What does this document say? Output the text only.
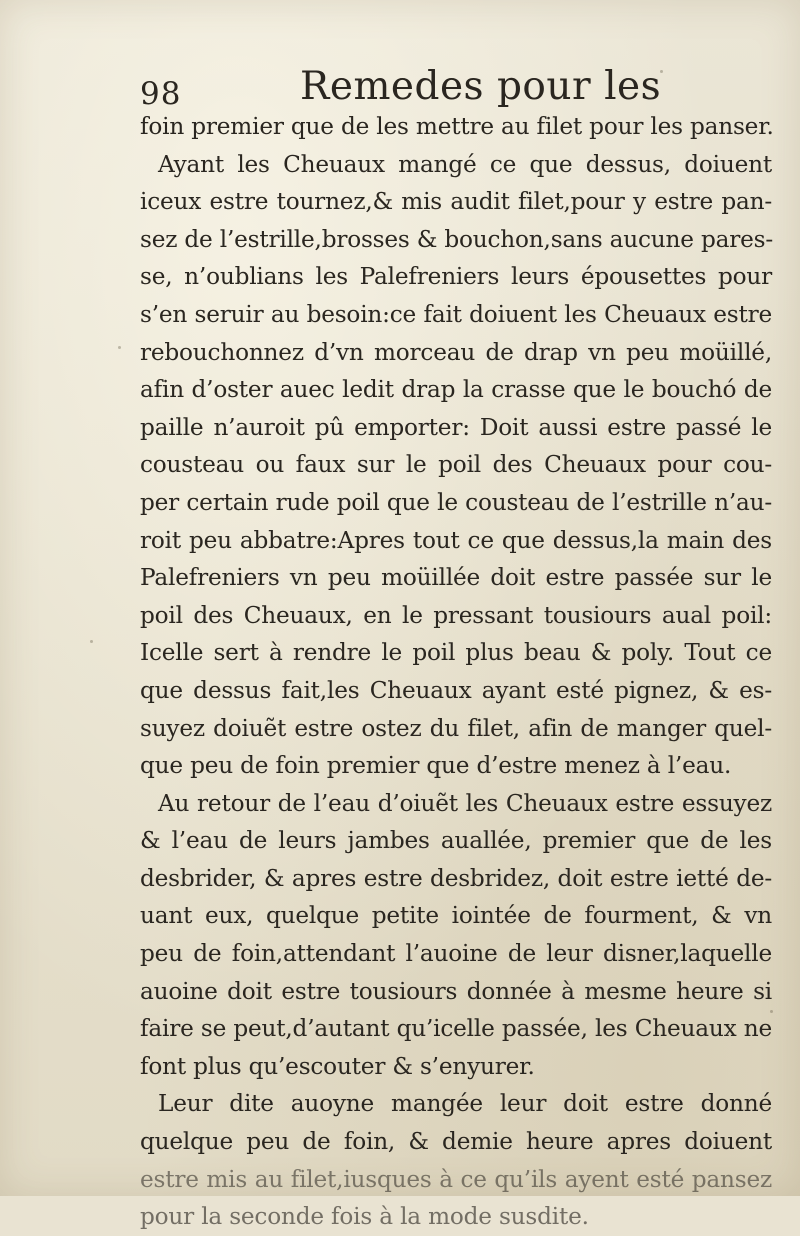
98	Remedes pour les
foin premier que de les mettre au filet pour les panser.
Ayant les Cheuaux mangé ce que dessus, doiuent
iceux estre tournez,& mis audit filet,pour y estre pan-
sez de l’estrille,brosses & bouchon,sans aucune pares-
se, n’oublians les Palefreniers leurs épousettes pour
s’en seruir au besoin:ce fait doiuent les Cheuaux estre
rebouchonnez d’vn morceau de drap vn peu moüillé,
afin d’oster auec ledit drap la crasse que le bouchó de
paille n’auroit pû emporter: Doit aussi estre passé le
cousteau ou faux sur le poil des Cheuaux pour cou-
per certain rude poil que le cousteau de l’estrille n’au-
roit peu abbatre:Apres tout ce que dessus,la main des
Palefreniers vn peu moüillée doit estre passée sur le
poil des Cheuaux, en le pressant tousiours aual poil:
Icelle sert à rendre le poil plus beau & poly. Tout ce
que dessus fait,les Cheuaux ayant esté pignez, & es-
suyez doiuẽt estre ostez du filet, afin de manger quel-
que peu de foin premier que d’estre menez à l’eau.
Au retour de l’eau d’oiuẽt les Cheuaux estre essuyez
& l’eau de leurs jambes auallée, premier que de les
desbrider, & apres estre desbridez, doit estre ietté de-
uant eux, quelque petite iointée de fourment, & vn
peu de foin,attendant l’auoine de leur disner,laquelle
auoine doit estre tousiours donnée à mesme heure si
faire se peut,d’autant qu’icelle passée, les Cheuaux ne
font plus qu’escouter & s’enyurer.
Leur dite auoyne mangée leur doit estre donné
quelque peu de foin, & demie heure apres doiuent
estre mis au filet,iusques à ce qu’ils ayent esté pansez
pour la seconde fois à la mode susdite.
